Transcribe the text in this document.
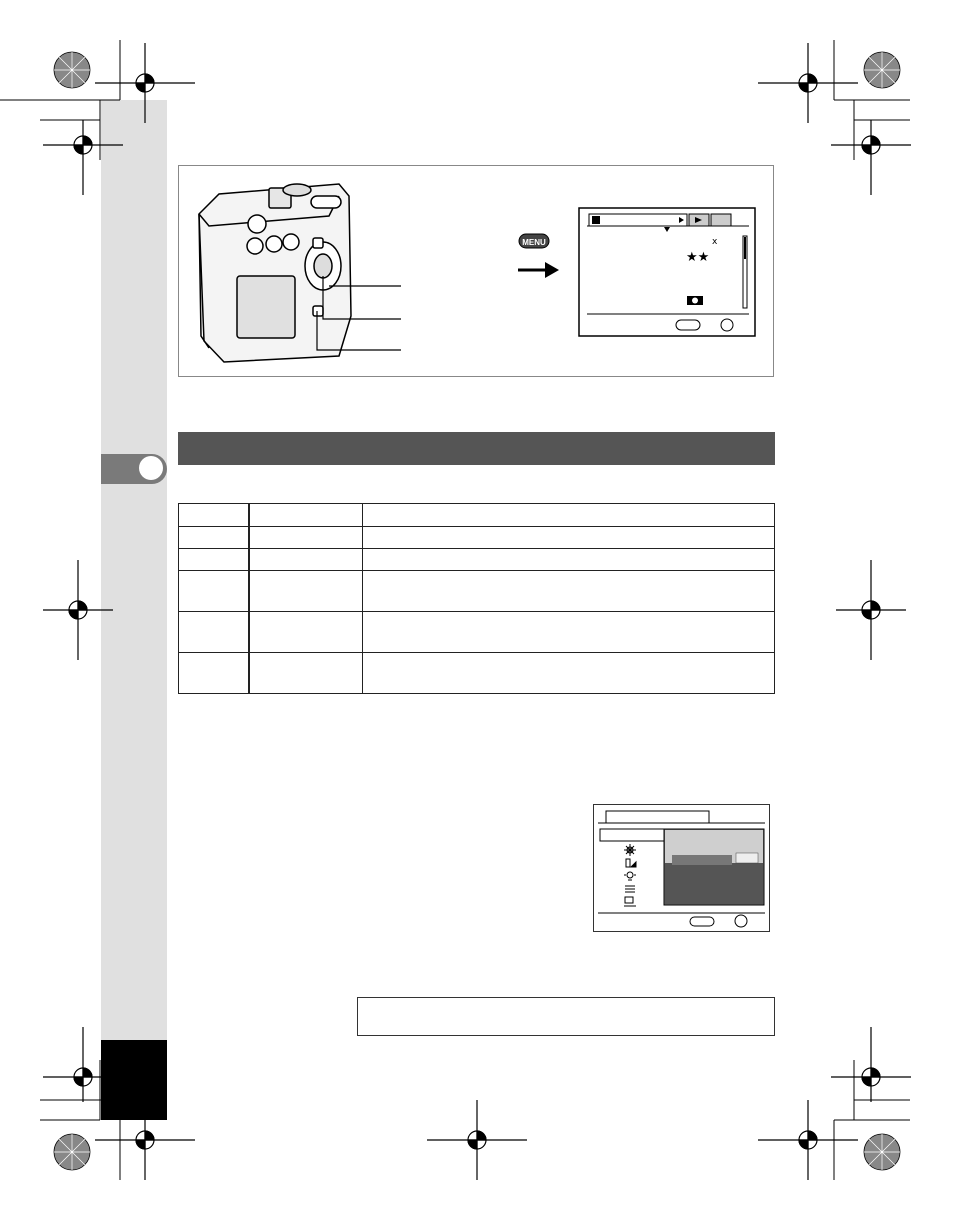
MENU	x
★★
